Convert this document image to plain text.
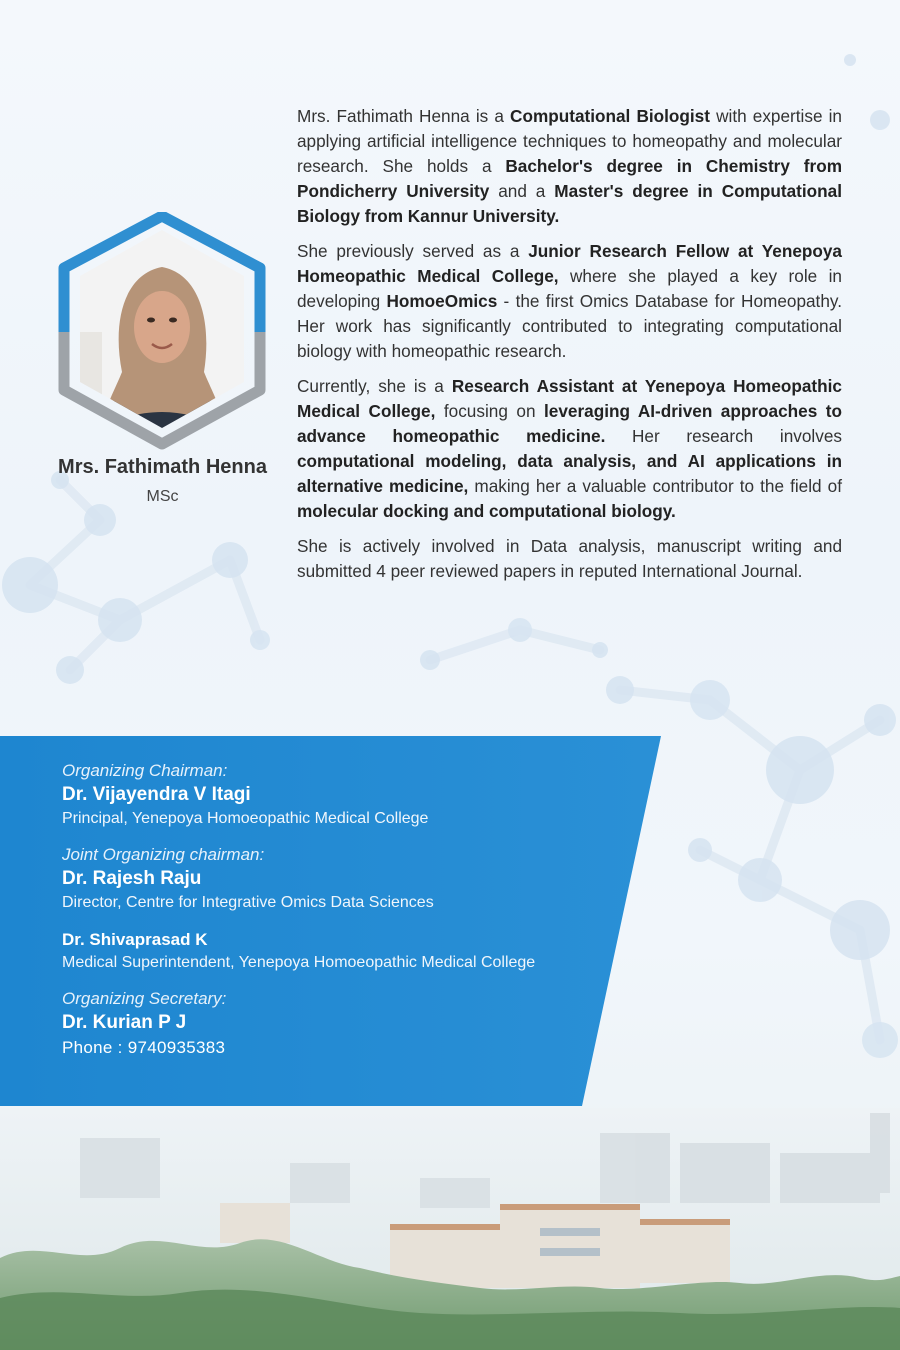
Mrs. Fathimath Henna
MSc

Mrs. Fathimath Henna is a Computational Biologist with expertise in applying artificial intelligence techniques to homeopathy and molecular research. She holds a Bachelor's degree in Chemistry from Pondicherry University and a Master's degree in Computational Biology from Kannur University.

She previously served as a Junior Research Fellow at Yenepoya Homeopathic Medical College, where she played a key role in developing HomoeOmics - the first Omics Database for Homeopathy. Her work has significantly contributed to integrating computational biology with homeopathic research.

Currently, she is a Research Assistant at Yenepoya Homeopathic Medical College, focusing on leveraging AI-driven approaches to advance homeopathic medicine. Her research involves computational modeling, data analysis, and AI applications in alternative medicine, making her a valuable contributor to the field of molecular docking and computational biology.

She is actively involved in Data analysis, manuscript writing and submitted 4 peer reviewed papers in reputed International Journal.

Organizing Chairman:
Dr. Vijayendra V Itagi
Principal, Yenepoya Homoeopathic Medical College
Joint Organizing chairman:
Dr. Rajesh Raju
Director, Centre for Integrative Omics Data Sciences
Dr. Shivaprasad K
Medical Superintendent, Yenepoya Homoeopathic Medical College
Organizing Secretary:
Dr. Kurian P J
Phone : 9740935383
